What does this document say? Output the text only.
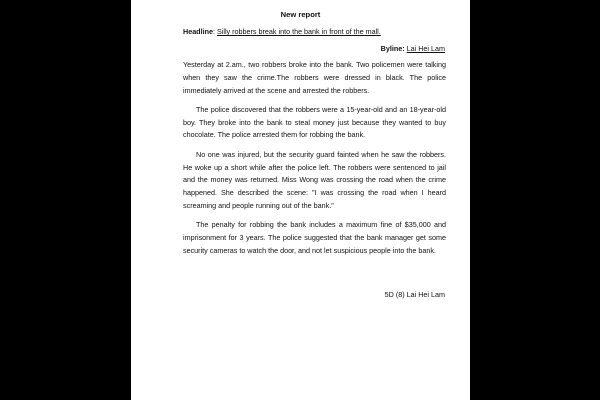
New report
Headline: Silly robbers break into the bank in front of the mall.
Byline: Lai Hei Lam

Yesterday at 2.am., two robbers broke into the bank. Two policemen were talking when they saw the crime.The robbers were dressed in black. The police immediately arrived at the scene and arrested the robbers.

The police discovered that the robbers were a 15-year-old and an 18-year-old boy. They broke into the bank to steal money just because they wanted to buy chocolate. The police arrested them for robbing the bank.

No one was injured, but the security guard fainted when he saw the robbers. He woke up a short while after the police left. The robbers were sentenced to jail and the money was returned. Miss Wong was crossing the road when the crime happened. She described the scene: "I was crossing the road when I heard screaming and people running out of the bank."

The penalty for robbing the bank includes a maximum fine of $35,000 and imprisonment for 3 years. The police suggested that the bank manager get some security cameras to watch the door, and not let suspicious people into the bank.

5D (8) Lai Hei Lam
